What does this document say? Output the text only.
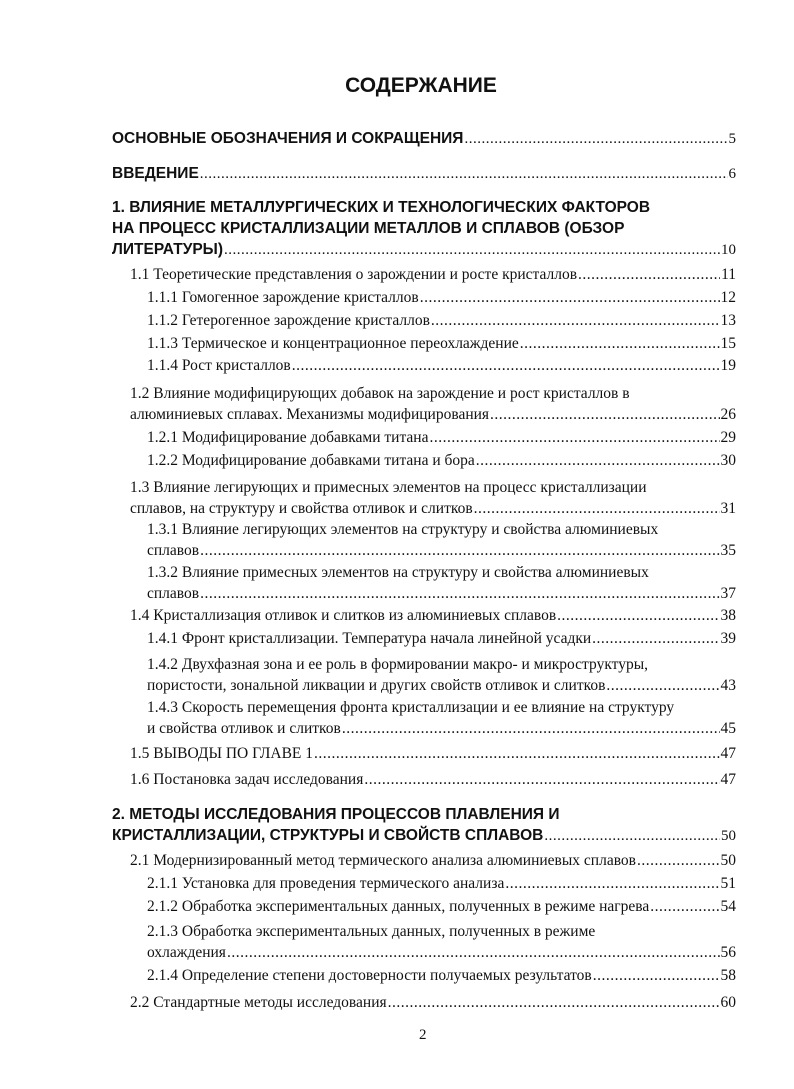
СОДЕРЖАНИЕ
ОСНОВНЫЕ ОБОЗНАЧЕНИЯ И СОКРАЩЕНИЯ .....	5
ВВЕДЕНИЕ .....	6
1. ВЛИЯНИЕ МЕТАЛЛУРГИЧЕСКИХ И ТЕХНОЛОГИЧЕСКИХ ФАКТОРОВ
НА ПРОЦЕСС КРИСТАЛЛИЗАЦИИ МЕТАЛЛОВ И СПЛАВОВ (ОБЗОР
ЛИТЕРАТУРЫ) .....	10
1.1 Теоретические представления о зарождении и росте кристаллов .....	11
1.1.1 Гомогенное зарождение кристаллов .....	12
1.1.2 Гетерогенное зарождение кристаллов .....	13
1.1.3 Термическое и концентрационное переохлаждение .....	15
1.1.4 Рост кристаллов .....	19
1.2 Влияние модифицирующих добавок на зарождение и рост кристаллов в
алюминиевых сплавах. Механизмы модифицирования .....	26
1.2.1 Модифицирование добавками титана .....	29
1.2.2 Модифицирование добавками титана и бора .....	30
1.3 Влияние легирующих и примесных элементов на процесс кристаллизации
сплавов, на структуру и свойства отливок и слитков .....	31
1.3.1 Влияние легирующих элементов на структуру и свойства алюминиевых
сплавов .....	35
1.3.2 Влияние примесных элементов на структуру и свойства алюминиевых
сплавов .....	37
1.4 Кристаллизация отливок и слитков из алюминиевых сплавов .....	38
1.4.1 Фронт кристаллизации. Температура начала линейной усадки .....	39
1.4.2 Двухфазная зона и ее роль в формировании макро- и микроструктуры,
пористости, зональной ликвации и других свойств отливок и слитков .....	43
1.4.3 Скорость перемещения фронта кристаллизации и ее влияние на структуру
и свойства отливок и слитков .....	45
1.5 ВЫВОДЫ ПО ГЛАВЕ 1 .....	47
1.6 Постановка задач исследования .....	47
2. МЕТОДЫ ИССЛЕДОВАНИЯ ПРОЦЕССОВ ПЛАВЛЕНИЯ И
КРИСТАЛЛИЗАЦИИ, СТРУКТУРЫ И СВОЙСТВ СПЛАВОВ .....	50
2.1 Модернизированный метод термического анализа алюминиевых сплавов .....	50
2.1.1 Установка для проведения термического анализа .....	51
2.1.2 Обработка экспериментальных данных, полученных в режиме нагрева .....	54
2.1.3 Обработка экспериментальных данных, полученных в режиме
охлаждения .....	56
2.1.4 Определение степени достоверности получаемых результатов .....	58
2.2 Стандартные методы исследования .....	60
2
